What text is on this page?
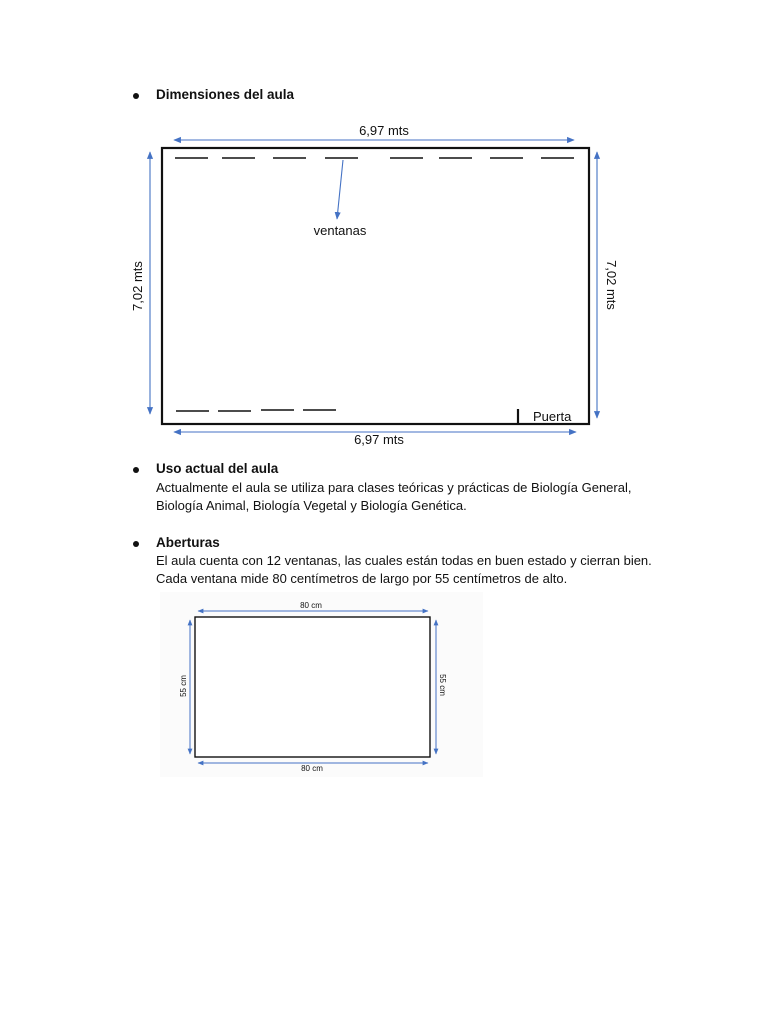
Dimensiones del aula
6,97 mts
6,97 mts
7,02 mts	7,02 mts
ventanas
Puerta
Uso actual del aula
Actualmente el aula se utiliza para clases teóricas y prácticas de Biología General,
Biología Animal, Biología Vegetal y Biología Genética.
Aberturas
El aula cuenta con 12 ventanas, las cuales están todas en buen estado y cierran bien.
Cada ventana mide 80 centímetros de largo por 55 centímetros de alto.
80 cm
80 cm
55 cm	55 cm
